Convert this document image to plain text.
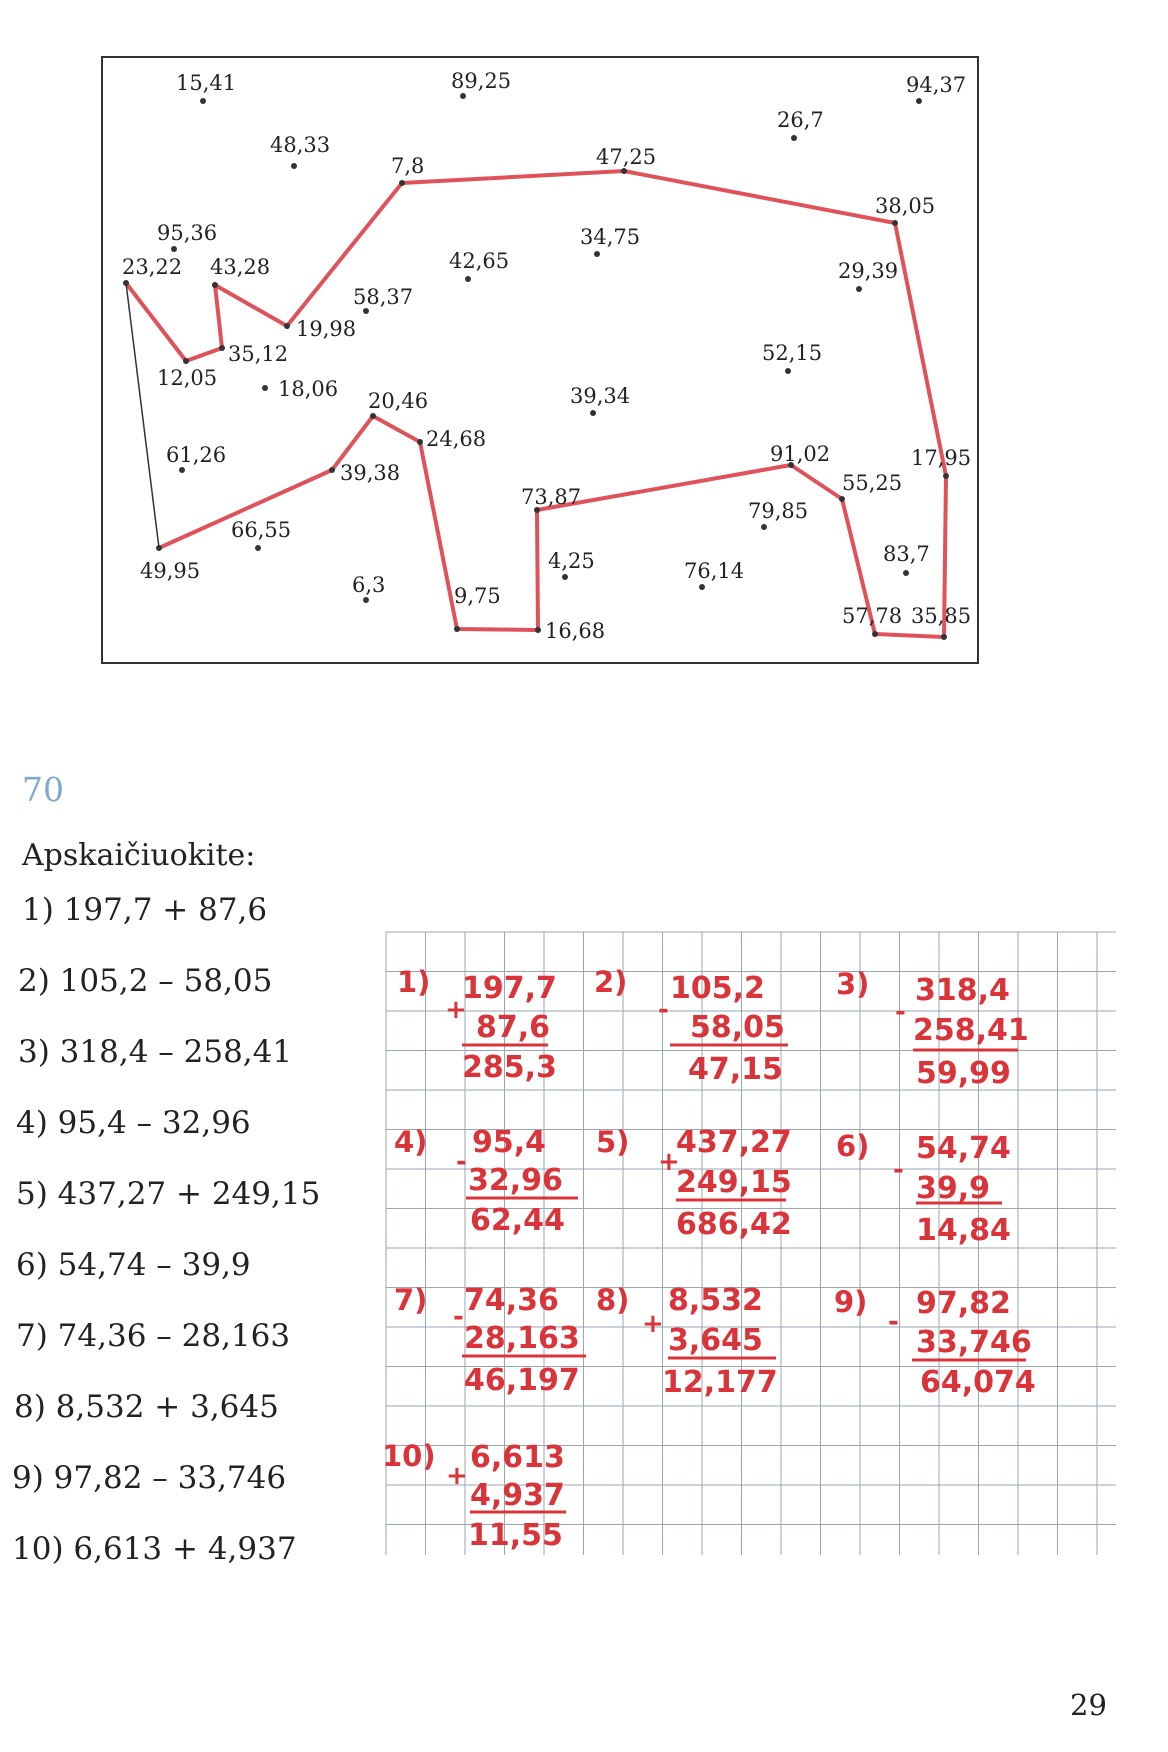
15,41	89,25	94,37
26,7
48,33
7,8	47,25
38,05
95,36
23,22 43,28	42,65
34,75
29,39
58,37
19,98
35,12
12,05	18,06
52,15
20,46	39,34
61,26
24,68
39,38
91,02	17,95
55,25
73,87
79,85
66,55
49,95	4,25	83,7
76,14
6,3	9,75
16,68
57,78 35,85
70
Apskaičiuokite:
1) 197,7 + 87,6
2) 105,2 – 58,05
3) 318,4 – 258,41
4) 95,4 – 32,96
5) 437,27 + 249,15
6) 54,74 – 39,9
7) 74,36 – 28,163
8) 8,532 + 3,645
9) 97,82 – 33,746
10) 6,613 + 4,937
1)
+
197,7
87,6
285,3
2)
-
105,2
58,05
47,15
3)
-
318,4
258,41
59,99
4)
-
95,4
32,96
62,44
5)
+
437,27
249,15
686,42
6)
-
54,74
39,9
14,84
7) - 74,36
28,163
46,197
8)
+
8,532
3,645
12,177
9)
-
97,82
33,746
64,074
10)
+
6,613
4,937
11,55
29
